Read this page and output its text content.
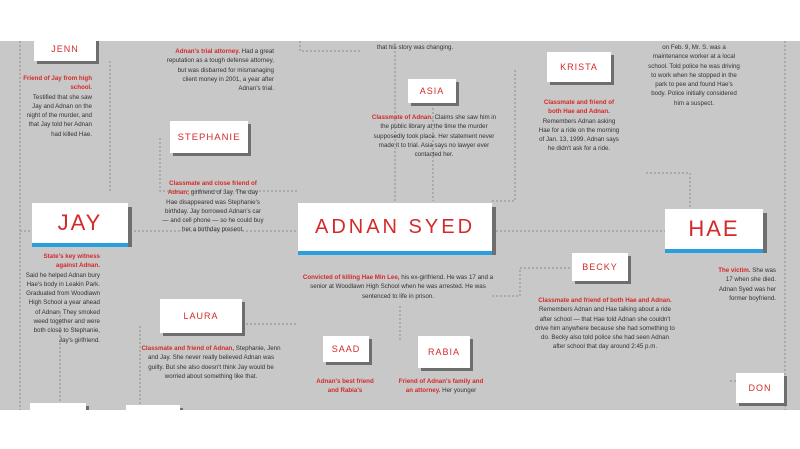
JENN
Friend of Jay from high school.
Testified that she saw Jay and Adnan on the night of the murder, and that Jay told her Adnan had killed Hae.
Adnan's trial attorney. Had a great reputation as a tough defense attorney, but was disbarred for mismanaging client money in 2001, a year after Adnan's trial.
that his story was changing.
ASIA
Classmate of Adnan. Claims she saw him in the public library at the time the murder supposedly took place. Her statement never made it to trial. Asia says no lawyer ever contacted her.
KRISTA
Classmate and friend of both Hae and Adnan.
Remembers Adnan asking Hae for a ride on the morning of Jan. 13, 1999. Adnan says he didn't ask for a ride.
on Feb. 9, Mr. S. was a maintenance worker at a local school. Told police he was driving to work when he stopped in the park to pee and found Hae's body. Police initially considered him a suspect.
STEPHANIE
Classmate and close friend of Adnan; girlfriend of Jay. The day Hae disappeared was Stephanie's birthday. Jay borrowed Adnan's car — and cell phone — so he could buy her a birthday present.
JAY
State's key witness against Adnan.
Said he helped Adnan bury Hae's body in Leakin Park. Graduated from Woodlawn High School a year ahead of Adnan. They smoked weed together and were both close to Stephanie, Jay's girlfriend.
ADNAN SYED
Convicted of killing Hae Min Lee, his ex-girlfriend. He was 17 and a senior at Woodlawn High School when he was arrested. He was sentenced to life in prison.
HAE
The victim. She was 17 when she died. Adnan Syed was her former boyfriend.
BECKY
Classmate and friend of both Hae and Adnan. Remembers Adnan and Hae talking about a ride after school — that Hae told Adnan she couldn't drive him anywhere because she had something to do. Becky also told police she had seen Adnan after school that day around 2:45 p.m.
LAURA
Classmate and friend of Adnan, Stephanie, Jenn and Jay. She never really believed Adnan was guilty. But she also doesn't think Jay would be worried about something like that.
SAAD
Adnan's best friend and Rabia's
RABIA
Friend of Adnan's family and an attorney. Her younger	DON
